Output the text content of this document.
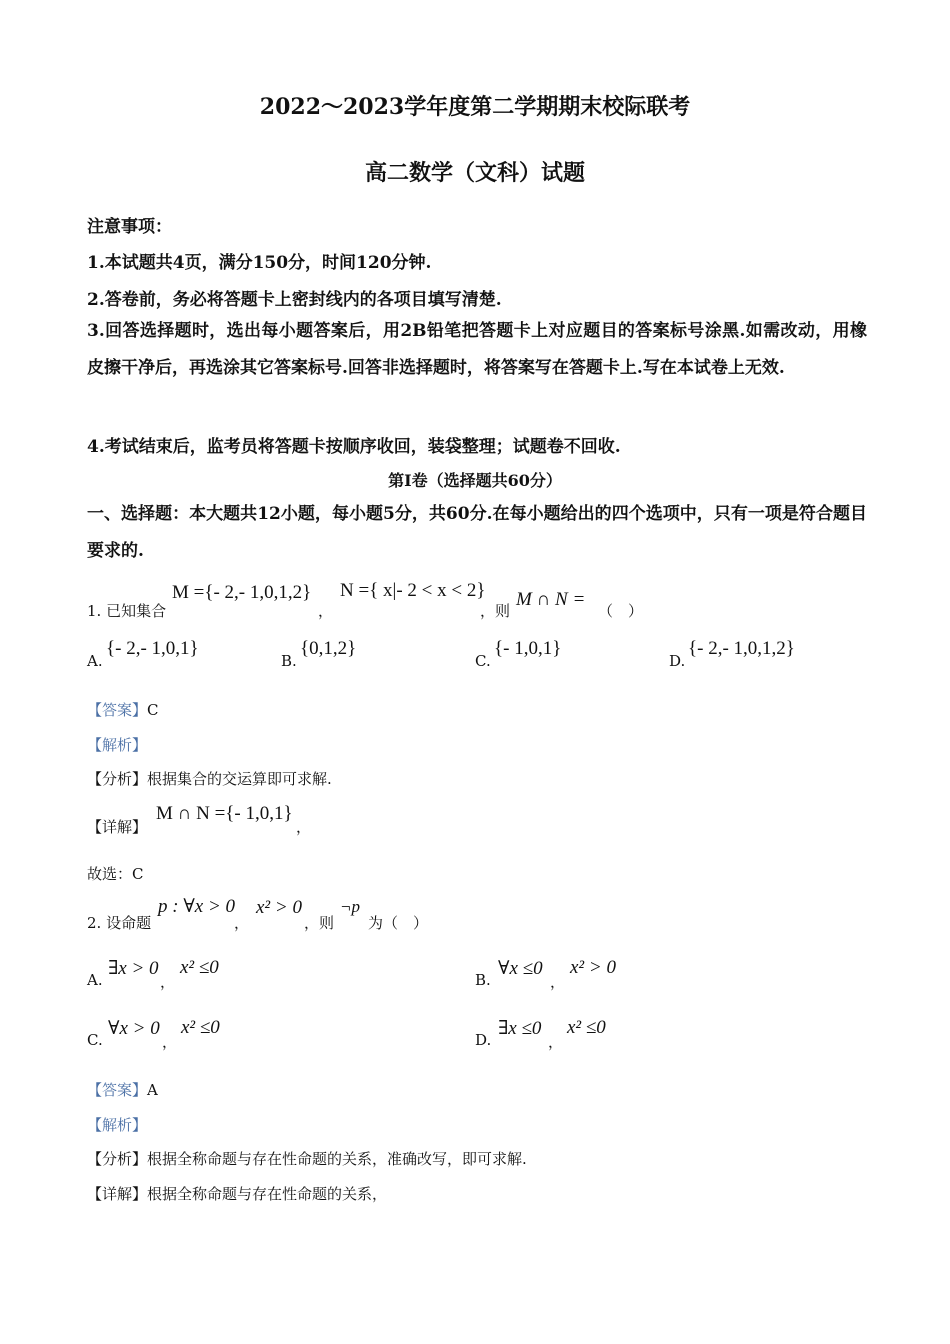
2022～2023学年度第二学期期末校际联考
高二数学（文科）试题
注意事项：
1.本试题共4页，满分150分，时间120分钟.
2.答卷前，务必将答题卡上密封线内的各项目填写清楚.
3.回答选择题时，选出每小题答案后，用2B铅笔把答题卡上对应题目的答案标号涂黑.如需改动，用橡皮擦干净后，再选涂其它答案标号.回答非选择题时，将答案写在答题卡上.写在本试卷上无效.
4.考试结束后，监考员将答题卡按顺序收回，装袋整理；试题卷不回收.
第Ⅰ卷（选择题共60分）
一、选择题：本大题共12小题，每小题5分，共60分.在每小题给出的四个选项中，只有一项是符合题目要求的.
1. 已知集合
M ={- 2,- 1,0,1,2}
，
N ={ x|- 2 < x < 2}
，则
M ∩ N =
（　）
A.
{- 2,- 1,0,1}
B.
{0,1,2}
C.
{- 1,0,1}
D.
{- 2,- 1,0,1,2}
【答案】C
【解析】
【分析】根据集合的交运算即可求解.
【详解】
M ∩ N ={- 1,0,1}
，
故选：C
2. 设命题
p : ∀x > 0
，
x² > 0
，则
¬p
为（　）
A.
∃x > 0
，
x² ≤0
B.
∀x ≤0
，
x² > 0
C.
∀x > 0
，
x² ≤0
D.
∃x ≤0
，
x² ≤0
【答案】A
【解析】
【分析】根据全称命题与存在性命题的关系，准确改写，即可求解.
【详解】根据全称命题与存在性命题的关系，
